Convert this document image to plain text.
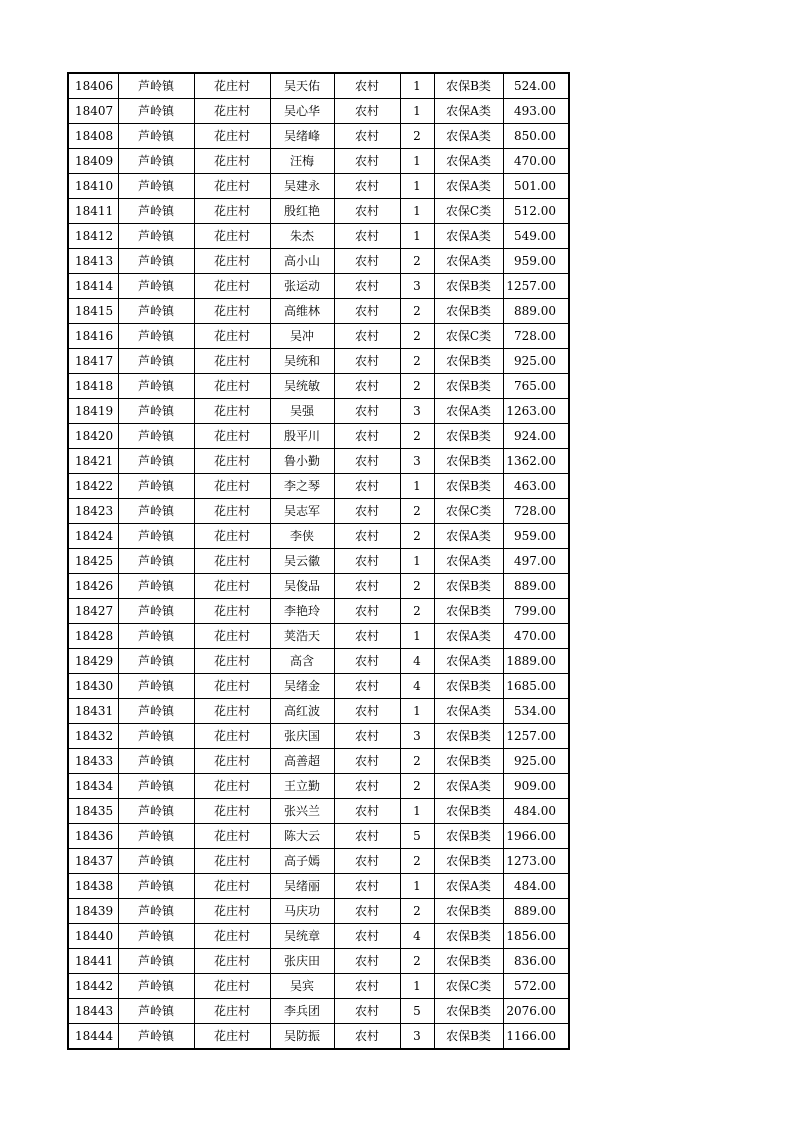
18406	芦岭镇	花庄村	吴天佑	农村	1	农保B类	524.00
18407	芦岭镇	花庄村	吴心华	农村	1	农保A类	493.00
18408	芦岭镇	花庄村	吴绪峰	农村	2	农保A类	850.00
18409	芦岭镇	花庄村	汪梅	农村	1	农保A类	470.00
18410	芦岭镇	花庄村	吴建永	农村	1	农保A类	501.00
18411	芦岭镇	花庄村	殷红艳	农村	1	农保C类	512.00
18412	芦岭镇	花庄村	朱杰	农村	1	农保A类	549.00
18413	芦岭镇	花庄村	高小山	农村	2	农保A类	959.00
18414	芦岭镇	花庄村	张运动	农村	3	农保B类	1257.00
18415	芦岭镇	花庄村	高维林	农村	2	农保B类	889.00
18416	芦岭镇	花庄村	吴冲	农村	2	农保C类	728.00
18417	芦岭镇	花庄村	吴统和	农村	2	农保B类	925.00
18418	芦岭镇	花庄村	吴统敏	农村	2	农保B类	765.00
18419	芦岭镇	花庄村	吴强	农村	3	农保A类	1263.00
18420	芦岭镇	花庄村	殷平川	农村	2	农保B类	924.00
18421	芦岭镇	花庄村	鲁小勤	农村	3	农保B类	1362.00
18422	芦岭镇	花庄村	李之琴	农村	1	农保B类	463.00
18423	芦岭镇	花庄村	吴志军	农村	2	农保C类	728.00
18424	芦岭镇	花庄村	李侠	农村	2	农保A类	959.00
18425	芦岭镇	花庄村	吴云徽	农村	1	农保A类	497.00
18426	芦岭镇	花庄村	吴俊品	农村	2	农保B类	889.00
18427	芦岭镇	花庄村	李艳玲	农村	2	农保B类	799.00
18428	芦岭镇	花庄村	荚浩天	农村	1	农保A类	470.00
18429	芦岭镇	花庄村	高含	农村	4	农保A类	1889.00
18430	芦岭镇	花庄村	吴绪金	农村	4	农保B类	1685.00
18431	芦岭镇	花庄村	高红波	农村	1	农保A类	534.00
18432	芦岭镇	花庄村	张庆国	农村	3	农保B类	1257.00
18433	芦岭镇	花庄村	高善超	农村	2	农保B类	925.00
18434	芦岭镇	花庄村	王立勤	农村	2	农保A类	909.00
18435	芦岭镇	花庄村	张兴兰	农村	1	农保B类	484.00
18436	芦岭镇	花庄村	陈大云	农村	5	农保B类	1966.00
18437	芦岭镇	花庄村	高子嫣	农村	2	农保B类	1273.00
18438	芦岭镇	花庄村	吴绪丽	农村	1	农保A类	484.00
18439	芦岭镇	花庄村	马庆功	农村	2	农保B类	889.00
18440	芦岭镇	花庄村	吴统章	农村	4	农保B类	1856.00
18441	芦岭镇	花庄村	张庆田	农村	2	农保B类	836.00
18442	芦岭镇	花庄村	吴宾	农村	1	农保C类	572.00
18443	芦岭镇	花庄村	李兵团	农村	5	农保B类	2076.00
18444	芦岭镇	花庄村	吴防振	农村	3	农保B类	1166.00
